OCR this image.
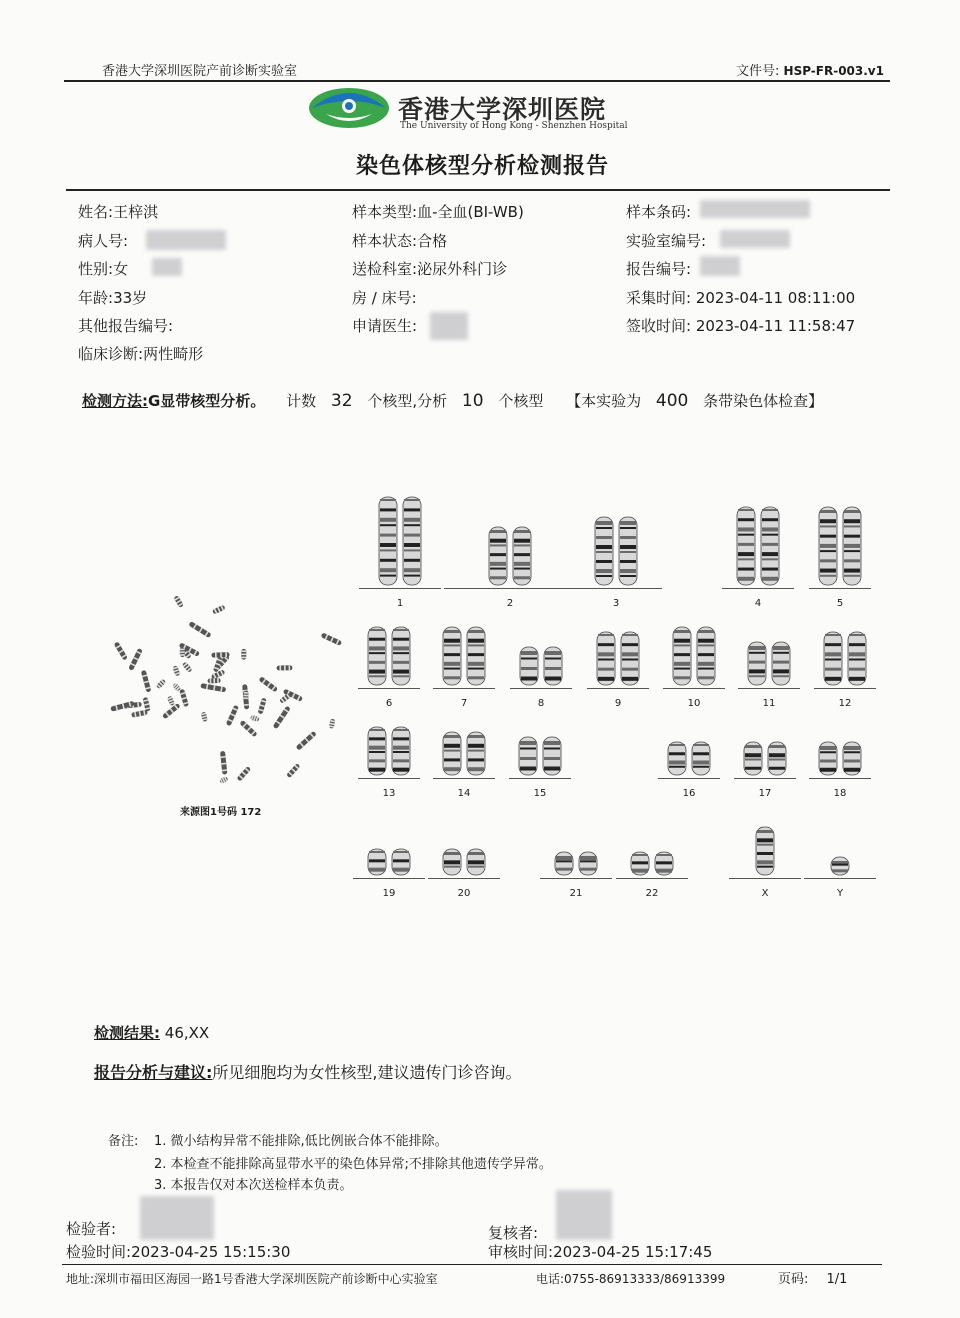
香港大学深圳医院产前诊断实验室	文件号: HSP-FR-003.v1
香港大学深圳医院
The University of Hong Kong - Shenzhen Hospital
染色体核型分析检测报告
姓名:王梓淇
病人号:
性别:女
年龄:33岁
其他报告编号:
临床诊断:两性畸形
样本类型:血-全血(BI-WB)
样本状态:合格
送检科室:泌尿外科门诊
房 / 床号:
申请医生:
样本条码:
实验室编号:
报告编号:
采集时间: 2023-04-11 08:11:00
签收时间: 2023-04-11 11:58:47
检测方法:G显带核型分析。 计数 32 个核型,分析 10 个核型 【本实验为 400 条带染色体检查】
来源图1号码 172
1	2	3	4	5
6	7	8	9	10	11	12
13	14	15	16	17	18
19	20	21	22	X	Y
检测结果: 46,XX
报告分析与建议:所见细胞均为女性核型,建议遗传门诊咨询。
备注: 1. 微小结构异常不能排除,低比例嵌合体不能排除。
2. 本检查不能排除高显带水平的染色体异常;不排除其他遗传学异常。
3. 本报告仅对本次送检样本负责。
检验者:
检验时间:2023-04-25 15:15:30
复核者:
审核时间:2023-04-25 15:17:45
地址:深圳市福田区海园一路1号香港大学深圳医院产前诊断中心实验室	电话:0755-86913333/86913399	页码: 1/1
